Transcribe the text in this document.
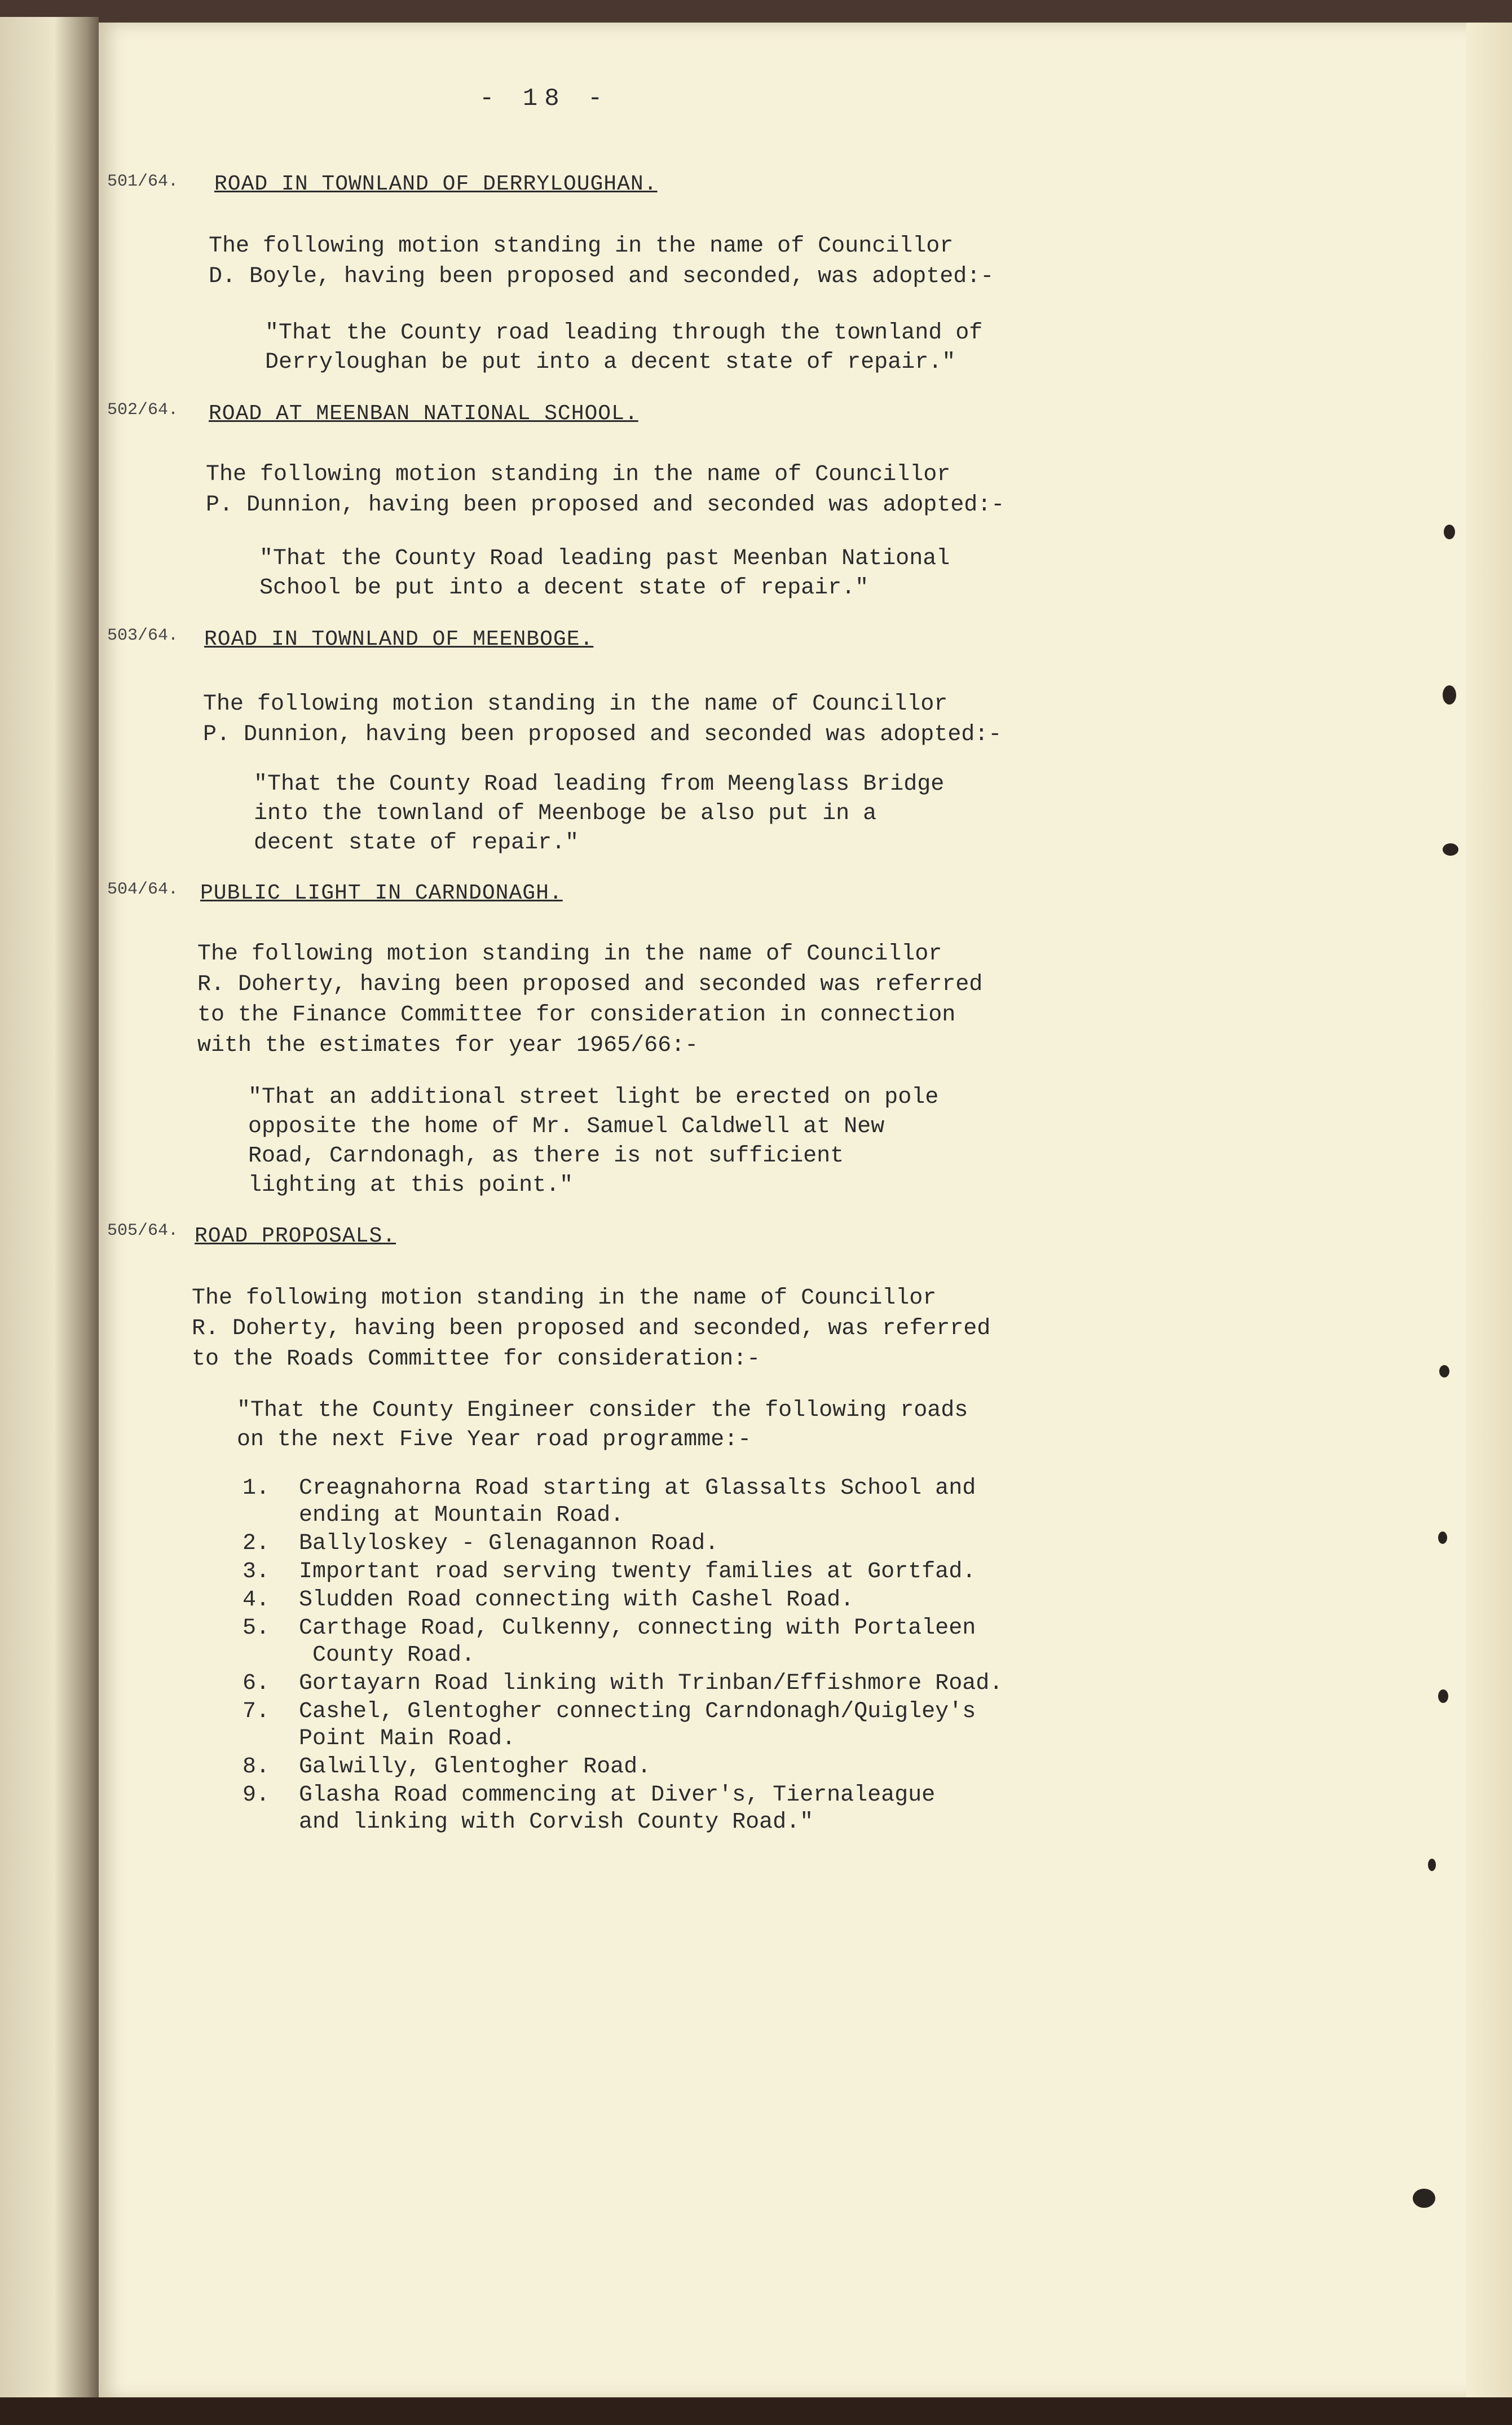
- 18 -
501/64. ROAD IN TOWNLAND OF DERRYLOUGHAN.

The following motion standing in the name of Councillor
D. Boyle, having been proposed and seconded, was adopted:-

"That the County road leading through the townland of
Derryloughan be put into a decent state of repair."

502/64. ROAD AT MEENBAN NATIONAL SCHOOL.

The following motion standing in the name of Councillor
P. Dunnion, having been proposed and seconded was adopted:-

"That the County Road leading past Meenban National
School be put into a decent state of repair."

503/64. ROAD IN TOWNLAND OF MEENBOGE.

The following motion standing in the name of Councillor
P. Dunnion, having been proposed and seconded was adopted:-

"That the County Road leading from Meenglass Bridge
into the townland of Meenboge be also put in a
decent state of repair."

504/64. PUBLIC LIGHT IN CARNDONAGH.

The following motion standing in the name of Councillor
R. Doherty, having been proposed and seconded was referred
to the Finance Committee for consideration in connection
with the estimates for year 1965/66:-

"That an additional street light be erected on pole
opposite the home of Mr. Samuel Caldwell at New
Road, Carndonagh, as there is not sufficient
lighting at this point."

505/64. ROAD PROPOSALS.

The following motion standing in the name of Councillor
R. Doherty, having been proposed and seconded, was referred
to the Roads Committee for consideration:-

"That the County Engineer consider the following roads
on the next Five Year road programme:-

1. Creagnahorna Road starting at Glassalts School and
ending at Mountain Road.
2. Ballyloskey - Glenagannon Road.
3. Important road serving twenty families at Gortfad.
4. Sludden Road connecting with Cashel Road.
5. Carthage Road, Culkenny, connecting with Portaleen
County Road.
6. Gortayarn Road linking with Trinban/Effishmore Road.
7. Cashel, Glentogher connecting Carndonagh/Quigley's
Point Main Road.
8. Galwilly, Glentogher Road.
9. Glasha Road commencing at Diver's, Tiernaleague
and linking with Corvish County Road."
